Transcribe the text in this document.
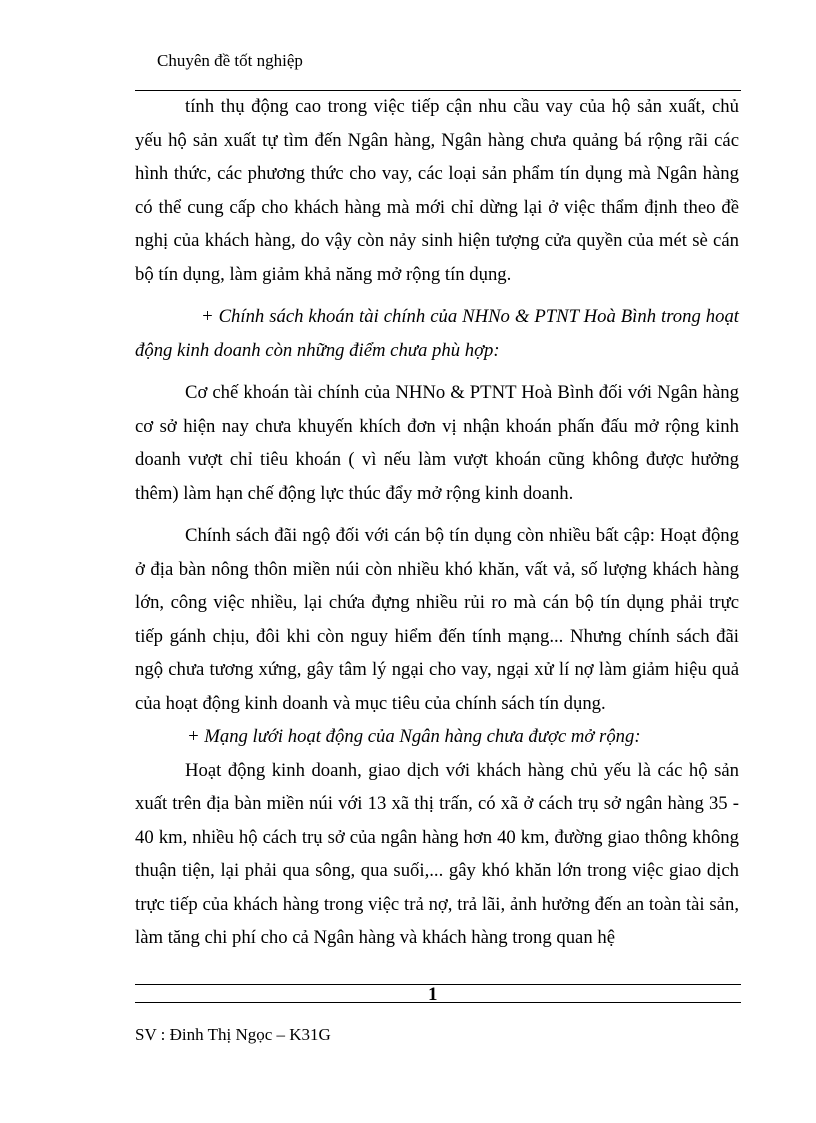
Chuyên đề tốt nghiệp

tính thụ động cao trong việc tiếp cận nhu cầu vay của hộ sản xuất, chủ yếu hộ sản xuất tự tìm đến Ngân hàng, Ngân hàng chưa quảng bá rộng rãi các hình thức, các phương thức cho vay, các loại sản phẩm tín dụng mà Ngân hàng có thể cung cấp cho khách hàng mà mới chỉ dừng lại ở việc thẩm định theo đề nghị của khách hàng, do vậy còn nảy sinh hiện tượng cửa quyền của mét sè cán bộ tín dụng, làm giảm khả năng mở rộng tín dụng.

+ Chính sách khoán tài chính của NHNo & PTNT Hoà Bình trong hoạt động kinh doanh còn những điểm chưa phù hợp:

Cơ chế khoán tài chính của NHNo & PTNT Hoà Bình đối với Ngân hàng cơ sở hiện nay chưa khuyến khích đơn vị nhận khoán phấn đấu mở rộng kinh doanh vượt chỉ tiêu khoán ( vì nếu làm vượt khoán cũng không được hưởng thêm) làm hạn chế động lực thúc đẩy mở rộng kinh doanh.

Chính sách đãi ngộ đối với cán bộ tín dụng còn nhiều bất cập: Hoạt động ở địa bàn nông thôn miền núi còn nhiều khó khăn, vất vả, số lượng khách hàng lớn, công việc nhiều, lại chứa đựng nhiều rủi ro mà cán bộ tín dụng phải trực tiếp gánh chịu, đôi khi còn nguy hiểm đến tính mạng... Nhưng chính sách đãi ngộ chưa tương xứng, gây tâm lý ngại cho vay, ngại xử lí nợ làm giảm hiệu quả của hoạt động kinh doanh và mục tiêu của chính sách tín dụng.

+ Mạng lưới hoạt động của Ngân hàng chưa được mở rộng:

Hoạt động kinh doanh, giao dịch với khách hàng chủ yếu là các hộ sản xuất trên địa bàn miền núi với 13 xã thị trấn, có xã ở cách trụ sở ngân hàng 35 - 40 km, nhiều hộ cách trụ sở của ngân hàng hơn 40 km, đường giao thông không thuận tiện, lại phải qua sông, qua suối,... gây khó khăn lớn trong việc giao dịch trực tiếp của khách hàng trong việc trả nợ, trả lãi, ảnh hưởng đến an toàn tài sản, làm tăng chi phí cho cả Ngân hàng và khách hàng trong quan hệ

1
SV : Đinh Thị Ngọc – K31G
